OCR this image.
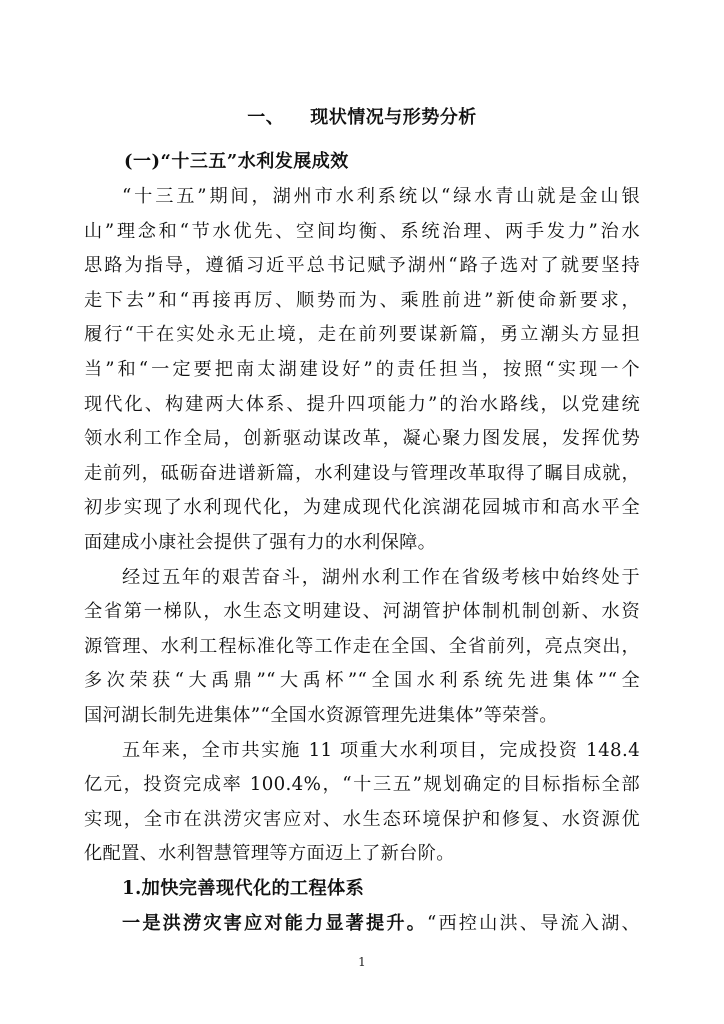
一、 现状情况与形势分析
(一)“十三五”水利发展成效
“十三五”期间，湖州市水利系统以“绿水青山就是金山银
山”理念和“节水优先、空间均衡、系统治理、两手发力”治水
思路为指导，遵循习近平总书记赋予湖州“路子选对了就要坚持
走下去”和“再接再厉、顺势而为、乘胜前进”新使命新要求，
履行“干在实处永无止境，走在前列要谋新篇，勇立潮头方显担
当”和“一定要把南太湖建设好”的责任担当，按照“实现一个
现代化、构建两大体系、提升四项能力”的治水路线，以党建统
领水利工作全局，创新驱动谋改革，凝心聚力图发展，发挥优势
走前列，砥砺奋进谱新篇，水利建设与管理改革取得了瞩目成就，
初步实现了水利现代化，为建成现代化滨湖花园城市和高水平全
面建成小康社会提供了强有力的水利保障。
经过五年的艰苦奋斗，湖州水利工作在省级考核中始终处于
全省第一梯队，水生态文明建设、河湖管护体制机制创新、水资
源管理、水利工程标准化等工作走在全国、全省前列，亮点突出，
多次荣获“大禹鼎”“大禹杯”“全国水利系统先进集体”“全
国河湖长制先进集体”“全国水资源管理先进集体”等荣誉。
五年来，全市共实施 11 项重大水利项目，完成投资 148.4
亿元，投资完成率 100.4%，“十三五”规划确定的目标指标全部
实现，全市在洪涝灾害应对、水生态环境保护和修复、水资源优
化配置、水利智慧管理等方面迈上了新台阶。
1.加快完善现代化的工程体系
一是洪涝灾害应对能力显著提升。“西控山洪、导流入湖、
1
